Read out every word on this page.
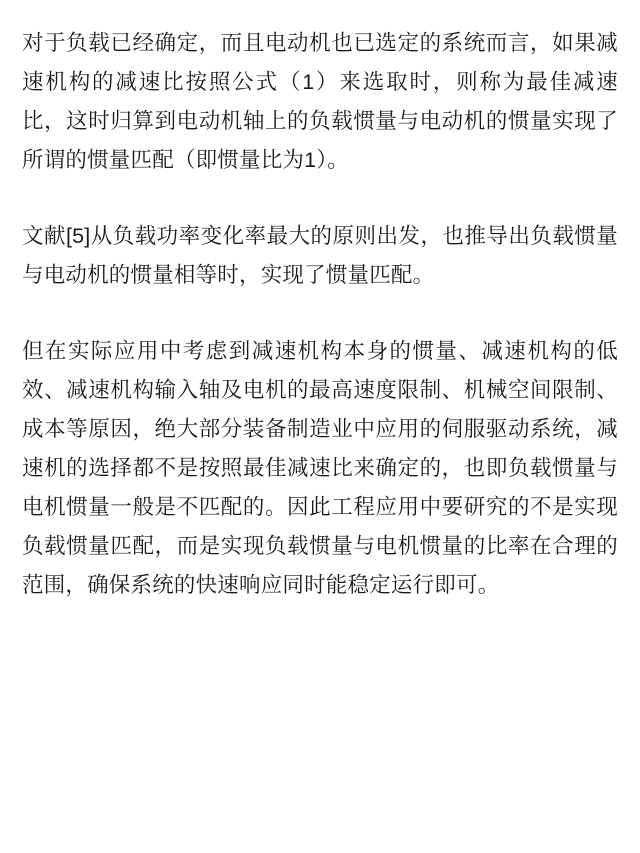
对于负载已经确定，而且电动机也已选定的系统而言，如果减速机构的减速比按照公式（1）来选取时，则称为最佳减速比，这时归算到电动机轴上的负载惯量与电动机的惯量实现了所谓的惯量匹配（即惯量比为1）。

文献[5]从负载功率变化率最大的原则出发，也推导出负载惯量与电动机的惯量相等时，实现了惯量匹配。

但在实际应用中考虑到减速机构本身的惯量、减速机构的低效、减速机构输入轴及电机的最高速度限制、机械空间限制、成本等原因，绝大部分装备制造业中应用的伺服驱动系统，减速机的选择都不是按照最佳减速比来确定的，也即负载惯量与电机惯量一般是不匹配的。因此工程应用中要研究的不是实现负载惯量匹配，而是实现负载惯量与电机惯量的比率在合理的范围，确保系统的快速响应同时能稳定运行即可。
